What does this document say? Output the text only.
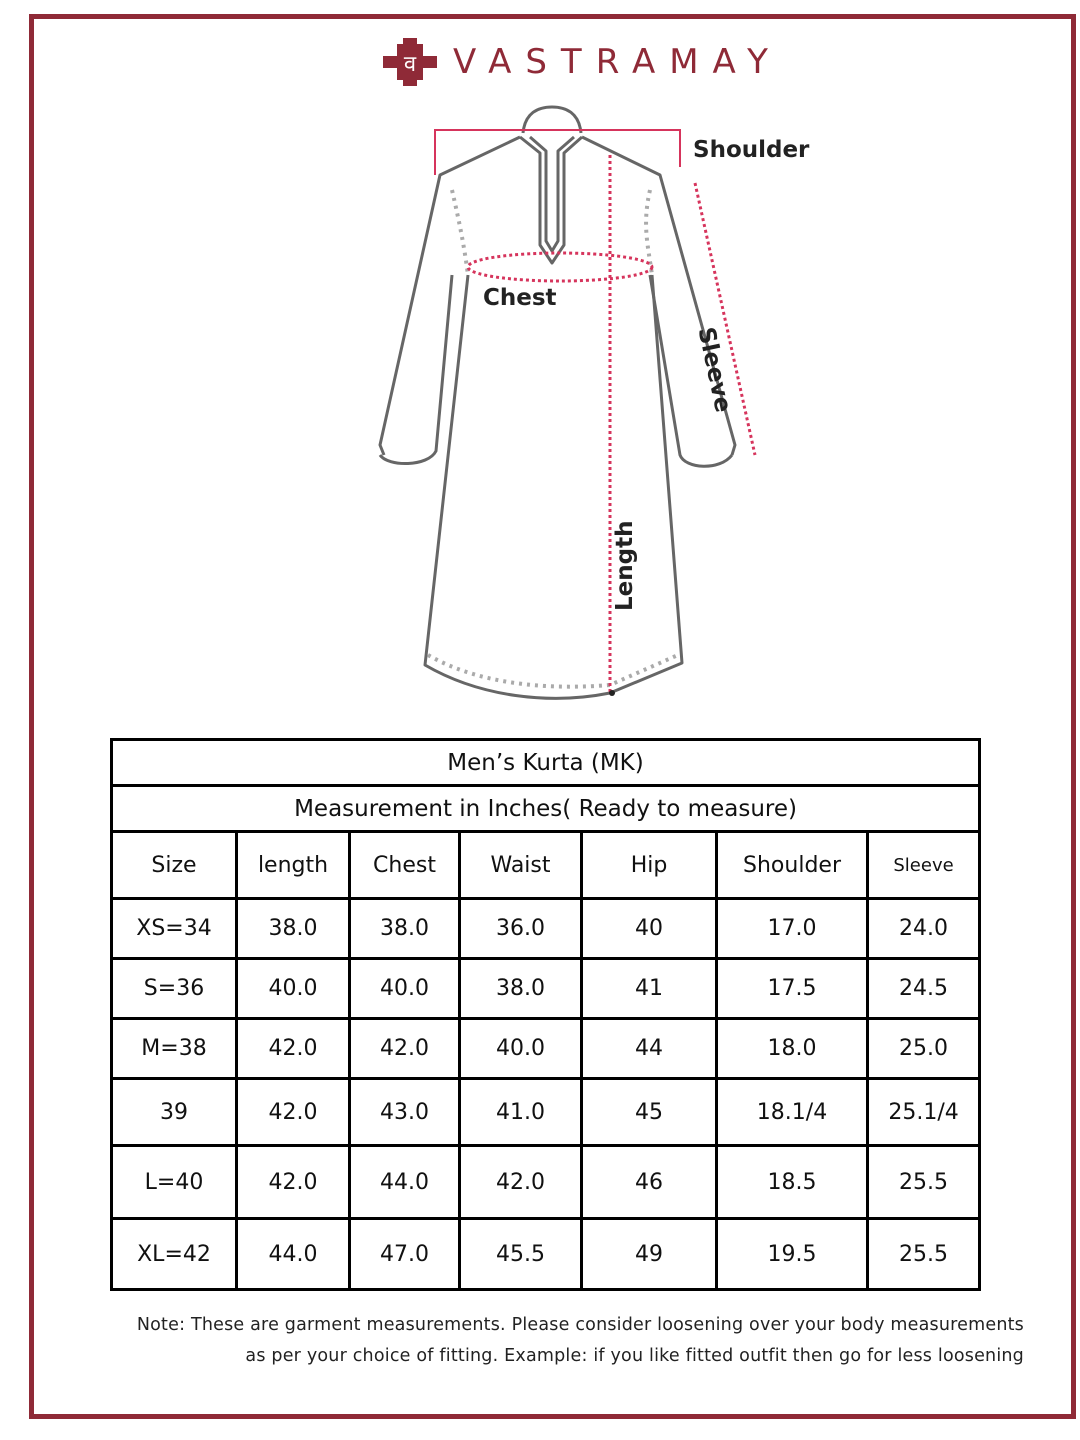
व VASTRAMAY
Shoulder
Chest
Sleeve
Length
Men’s Kurta (MK)						
Measurement in Inches( Ready to measure)						
Size	length	Chest	Waist	Hip	Shoulder	Sleeve
XS=34	38.0	38.0	36.0	40	17.0	24.0
S=36	40.0	40.0	38.0	41	17.5	24.5
M=38	42.0	42.0	40.0	44	18.0	25.0
39	42.0	43.0	41.0	45	18.1/4	25.1/4
L=40	42.0	44.0	42.0	46	18.5	25.5
XL=42	44.0	47.0	45.5	49	19.5	25.5
Note: These are garment measurements. Please consider loosening over your body measurements
as per your choice of fitting. Example: if you like fitted outfit then go for less loosening
